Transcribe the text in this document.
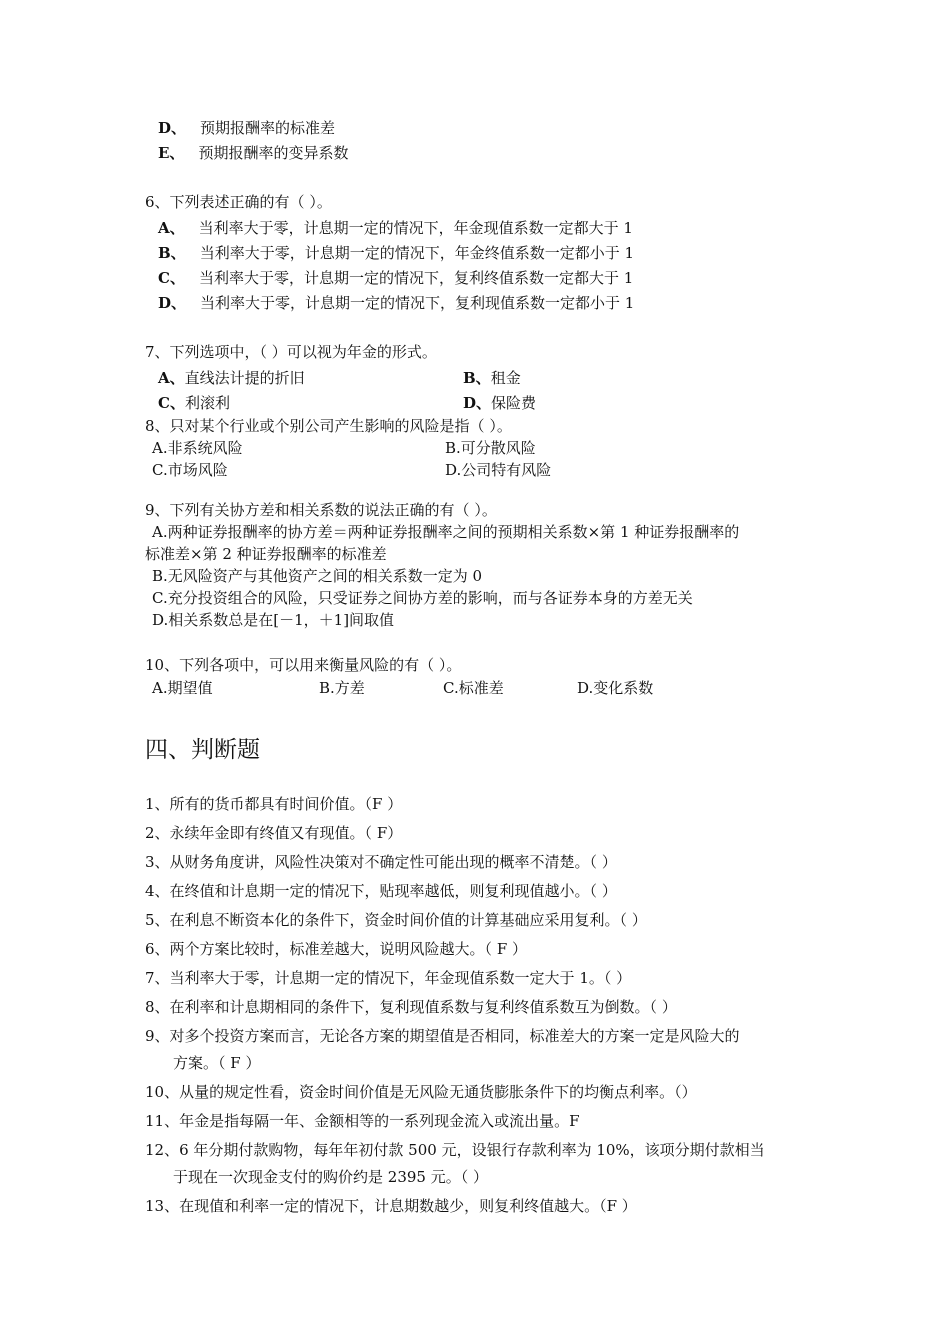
D、 预期报酬率的标准差
E、 预期报酬率的变异系数
6、下列表述正确的有（ ）。
A、 当利率大于零，计息期一定的情况下，年金现值系数一定都大于 1
B、 当利率大于零，计息期一定的情况下，年金终值系数一定都小于 1
C、 当利率大于零，计息期一定的情况下，复利终值系数一定都大于 1
D、 当利率大于零，计息期一定的情况下，复利现值系数一定都小于 1
7、下列选项中，（ ）可以视为年金的形式。
A、直线法计提的折旧	B、租金
C、利滚利	D、保险费
8、只对某个行业或个别公司产生影响的风险是指（ ）。
A.非系统风险	B.可分散风险
C.市场风险	D.公司特有风险
9、下列有关协方差和相关系数的说法正确的有（ ）。
A.两种证券报酬率的协方差＝两种证券报酬率之间的预期相关系数×第 1 种证券报酬率的
标准差×第 2 种证券报酬率的标准差
B.无风险资产与其他资产之间的相关系数一定为 0
C.充分投资组合的风险，只受证券之间协方差的影响，而与各证券本身的方差无关
D.相关系数总是在[－1，＋1]间取值
10、下列各项中，可以用来衡量风险的有（ ）。
A.期望值	B.方差	C.标准差	D.变化系数
四、判断题
1、所有的货币都具有时间价值。（F ）
2、永续年金即有终值又有现值。（ F）
3、从财务角度讲，风险性决策对不确定性可能出现的概率不清楚。（ ）
4、在终值和计息期一定的情况下，贴现率越低，则复利现值越小。（ ）
5、在利息不断资本化的条件下，资金时间价值的计算基础应采用复利。（ ）
6、两个方案比较时，标准差越大，说明风险越大。（ F ）
7、当利率大于零，计息期一定的情况下，年金现值系数一定大于 1。（ ）
8、在利率和计息期相同的条件下，复利现值系数与复利终值系数互为倒数。（ ）
9、对多个投资方案而言，无论各方案的期望值是否相同，标准差大的方案一定是风险大的
方案。（ F ）
10、从量的规定性看，资金时间价值是无风险无通货膨胀条件下的均衡点利率。（）
11、年金是指每隔一年、金额相等的一系列现金流入或流出量。F
12、6 年分期付款购物，每年年初付款 500 元，设银行存款利率为 10%，该项分期付款相当
于现在一次现金支付的购价约是 2395 元。（ ）
13、在现值和利率一定的情况下，计息期数越少，则复利终值越大。（F ）
